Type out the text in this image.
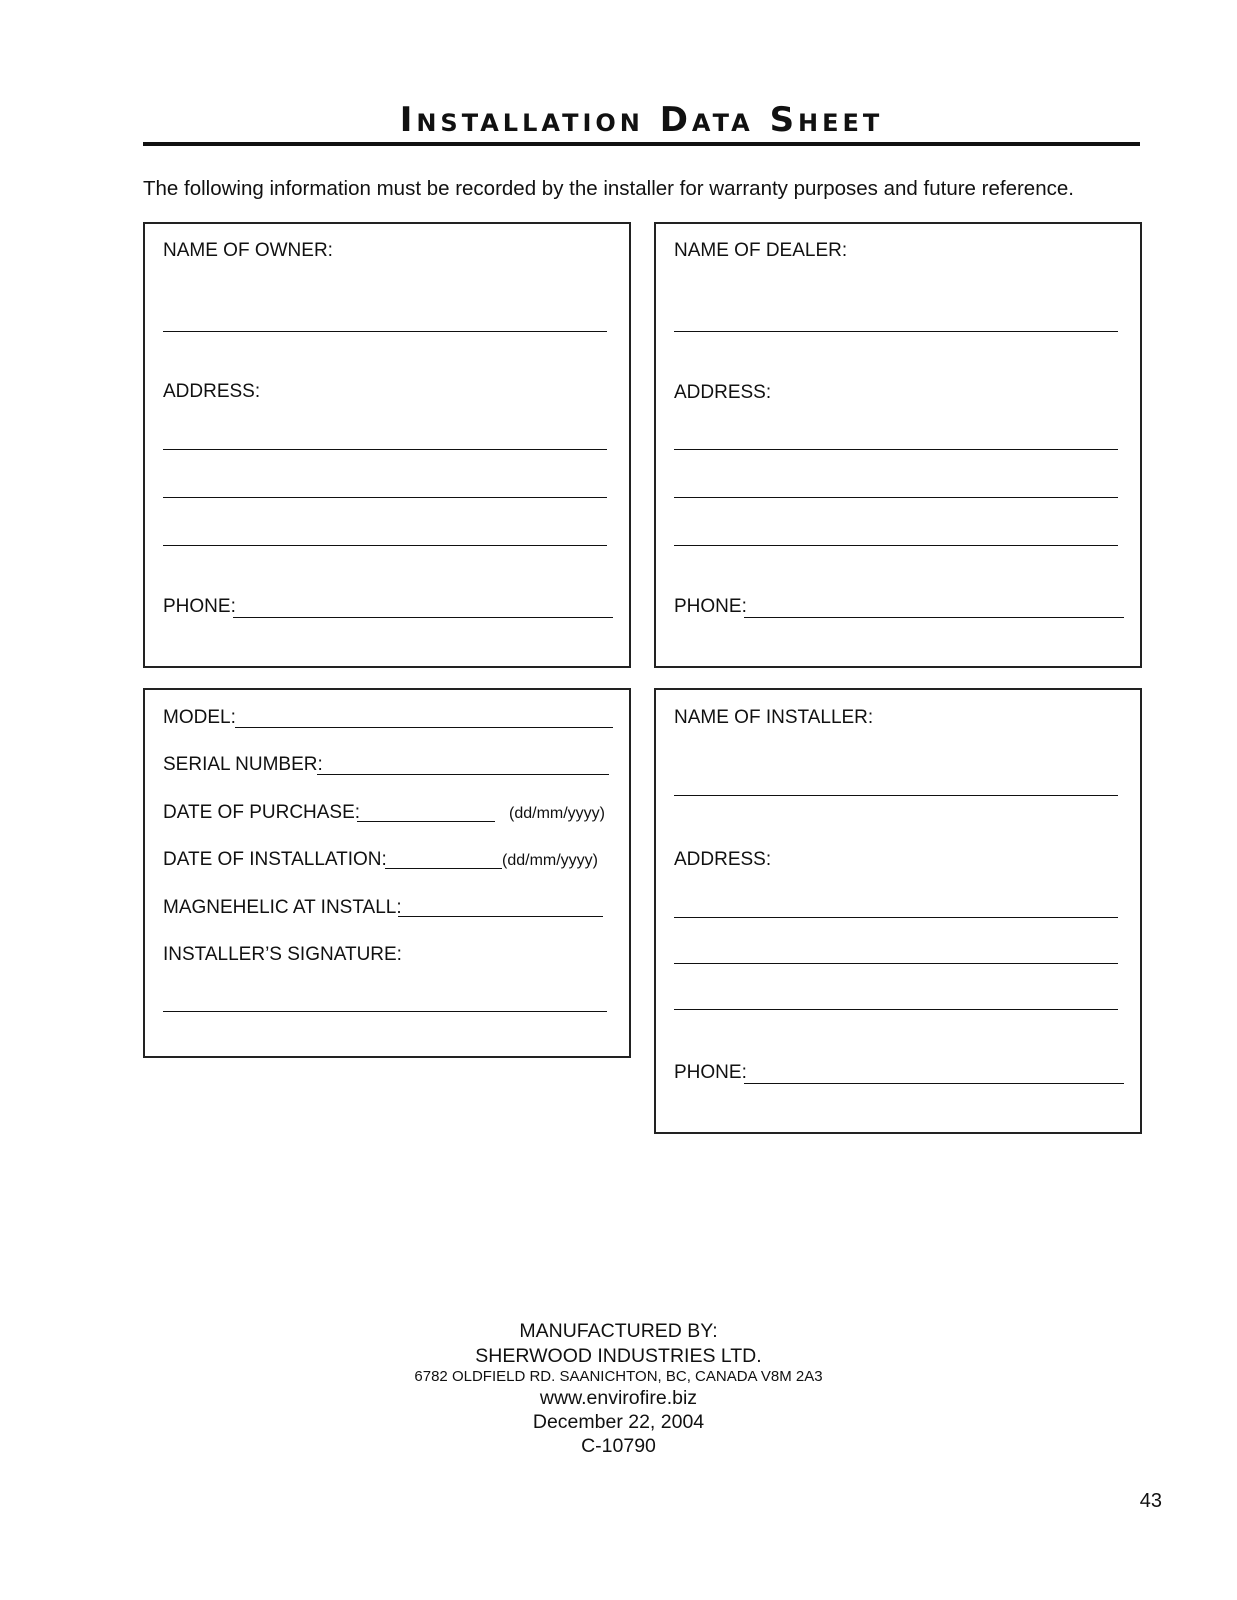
Installation Data Sheet
The following information must be recorded by the installer for warranty purposes and future reference.
NAME OF OWNER:
ADDRESS:
PHONE:
NAME OF DEALER:
ADDRESS:
PHONE:
MODEL:
SERIAL NUMBER:
DATE OF PURCHASE:	(dd/mm/yyyy)
DATE OF INSTALLATION:	(dd/mm/yyyy)
MAGNEHELIC AT INSTALL:
INSTALLER’S SIGNATURE:
NAME OF INSTALLER:
ADDRESS:
PHONE:
MANUFACTURED BY:
SHERWOOD INDUSTRIES LTD.
6782 OLDFIELD RD. SAANICHTON, BC, CANADA V8M 2A3
www.envirofire.biz
December 22, 2004
C-10790
43
